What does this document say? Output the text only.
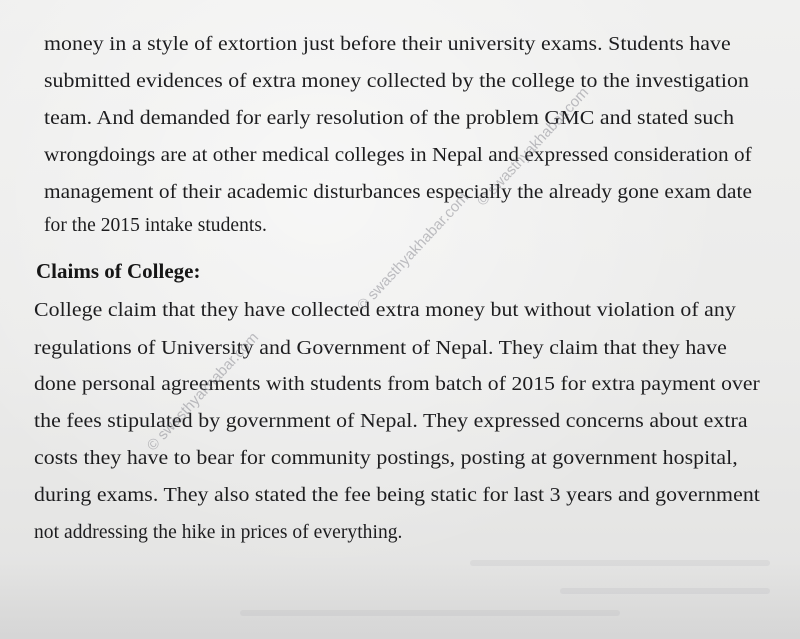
money in a style of extortion just before their university exams. Students have
submitted evidences of extra money collected by the college to the investigation
team. And demanded for early resolution of the problem GMC and stated such
wrongdoings are at other medical colleges in Nepal and expressed consideration of
management of their academic disturbances especially the already gone exam date
for the 2015 intake students.
Claims of College:
College claim that they have collected extra money but without violation of any
regulations of University and Government of Nepal. They claim that they have
done personal agreements with students from batch of 2015 for extra payment over
the fees stipulated by government of Nepal. They expressed concerns about extra
costs they have to bear for community postings, posting at government hospital,
during exams. They also stated the fee being static for last 3 years and government
not addressing the hike in prices of everything.
© swasthyakhabar.com
© swasthyakhabar.com
© swasthyakhabar.com
